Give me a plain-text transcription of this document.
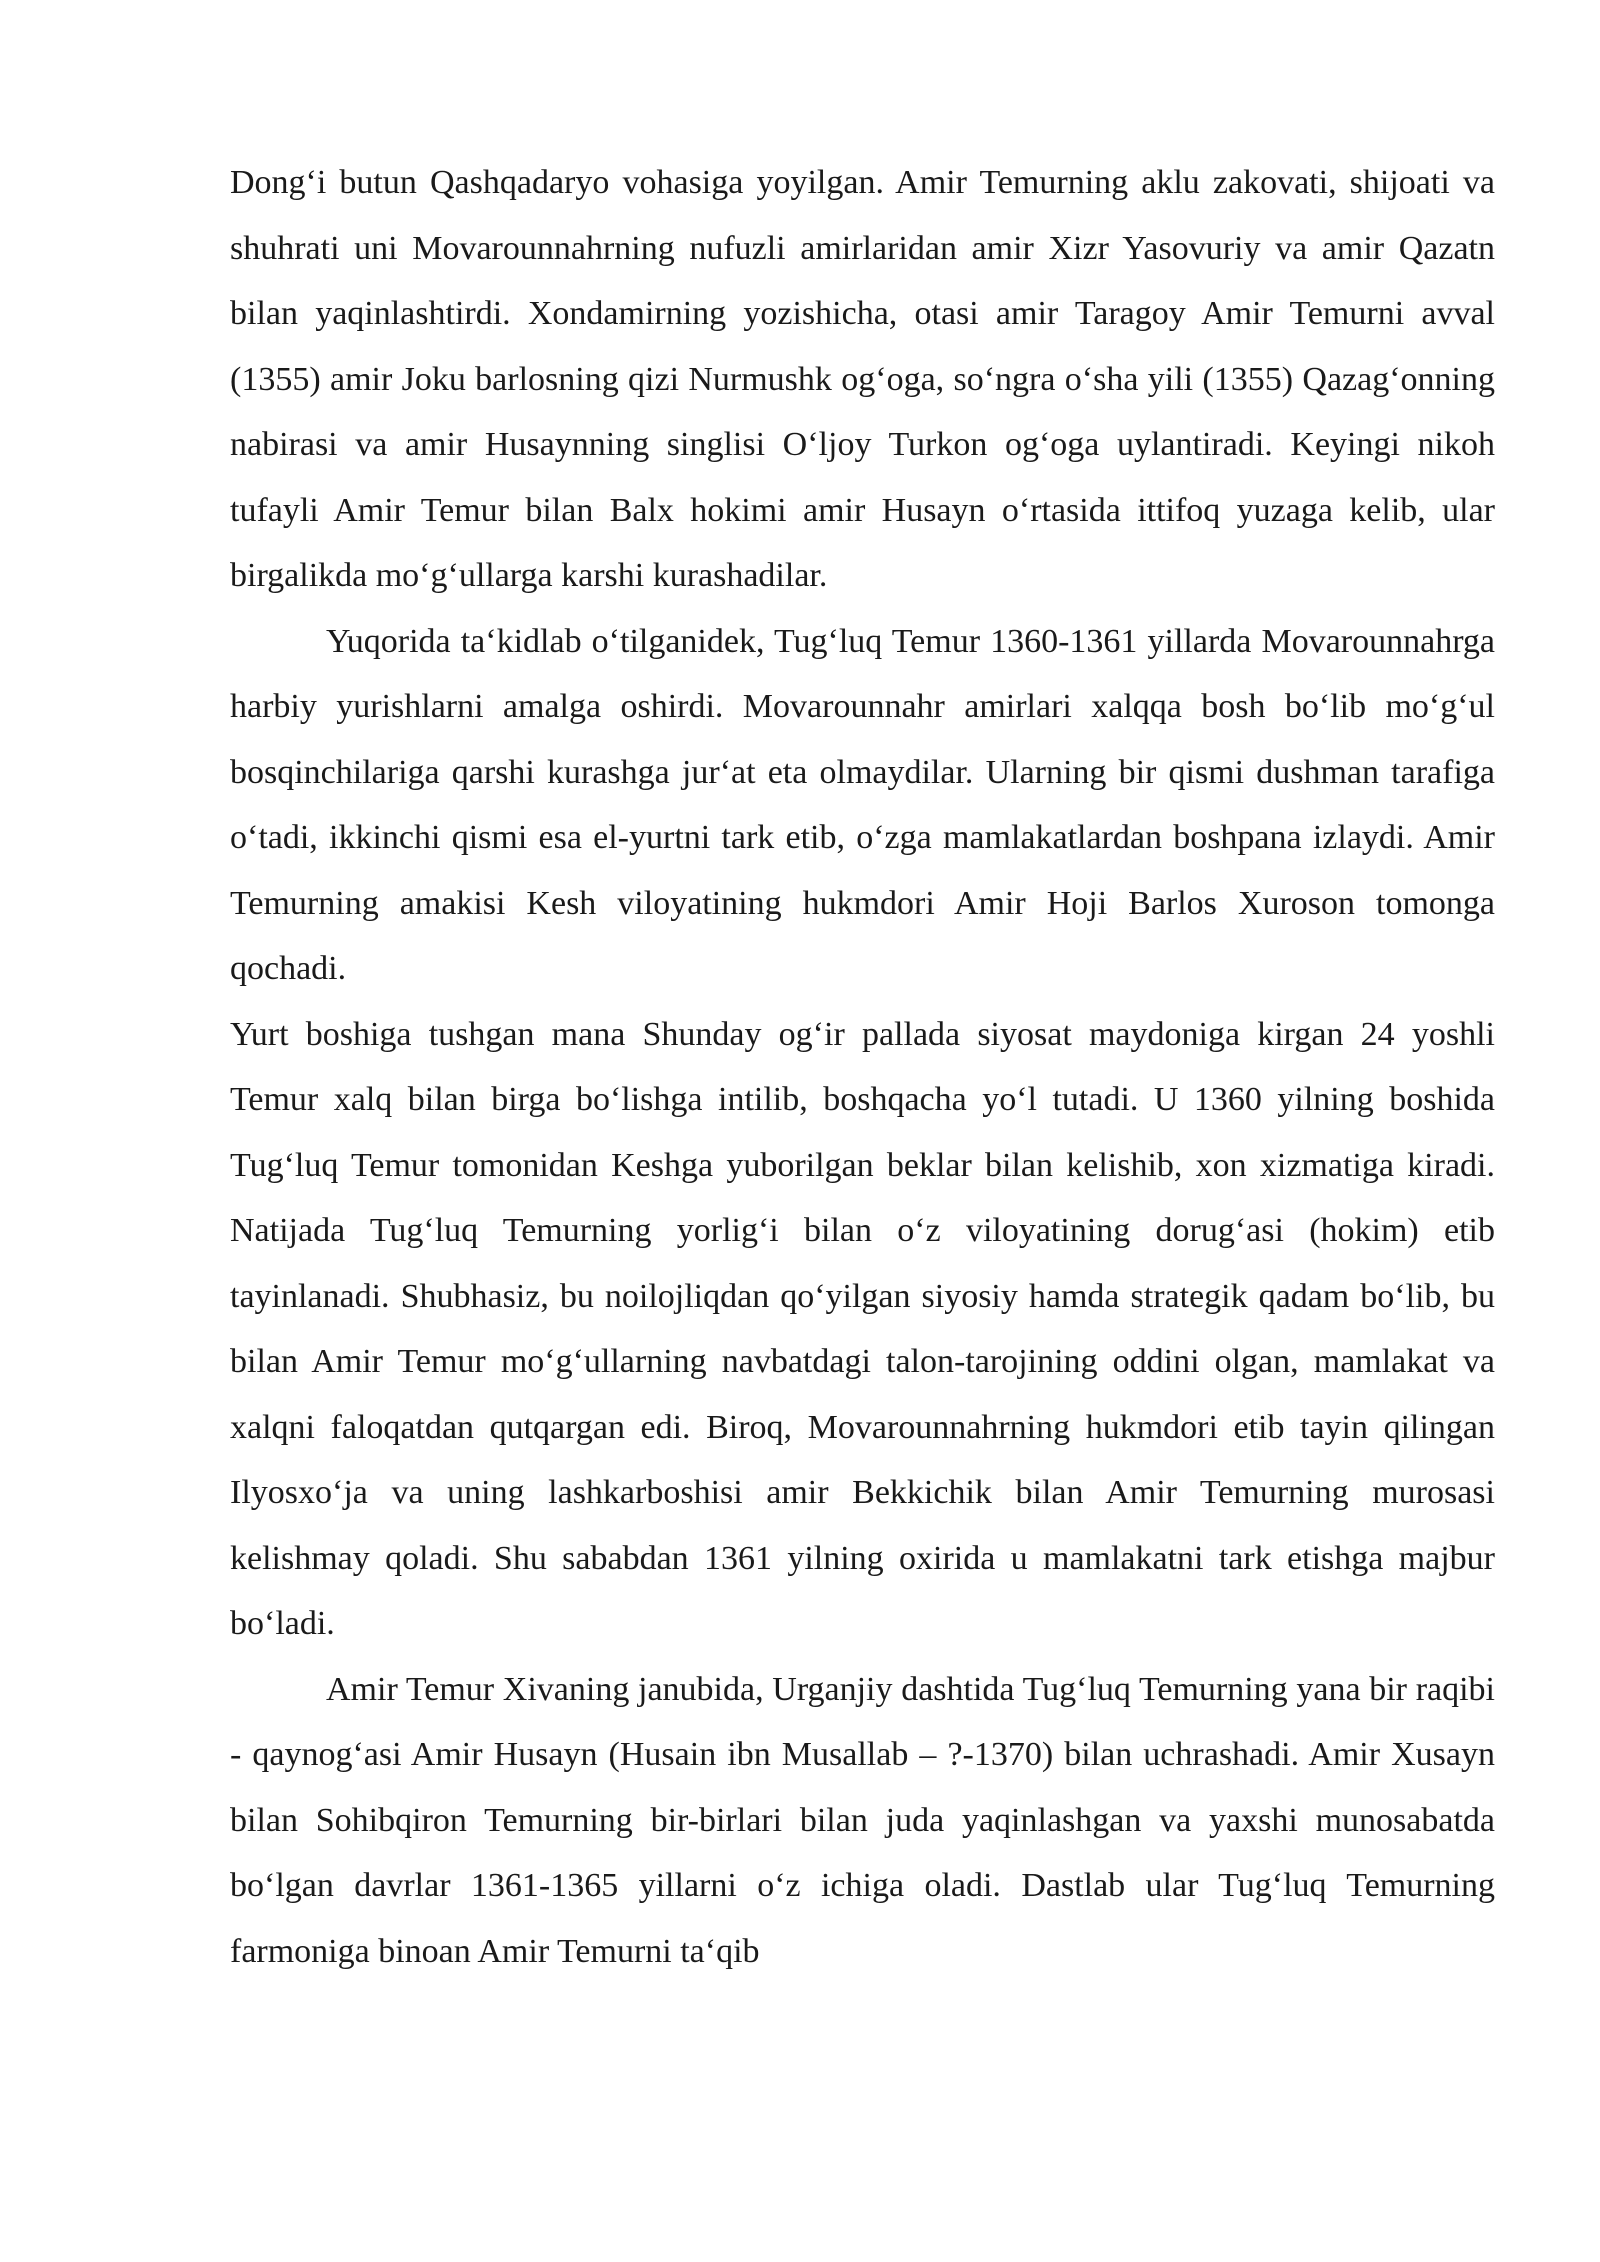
Dong‘i butun Qashqadaryo vohasiga yoyilgan. Amir Temurning aklu zakovati, shijoati va shuhrati uni Movarounnahrning nufuzli amirlaridan amir Xizr Yasovuriy va amir Qazatn bilan yaqinlashtirdi. Xondamirning yozishicha, otasi amir Taragoy Amir Temurni avval (1355) amir Joku barlosning qizi Nurmushk og‘oga, so‘ngra o‘sha yili (1355) Qazag‘onning nabirasi va amir Husaynning singlisi O‘ljoy Turkon og‘oga uylantiradi. Keyingi nikoh tufayli Amir Temur bilan Balx hokimi amir Husayn o‘rtasida ittifoq yuzaga kelib, ular birgalikda mo‘g‘ullarga karshi kurashadilar.

Yuqorida ta‘kidlab o‘tilganidek, Tug‘luq Temur 1360-1361 yillarda Movarounnahrga harbiy yurishlarni amalga oshirdi. Movarounnahr amirlari xalqqa bosh bo‘lib mo‘g‘ul bosqinchilariga qarshi kurashga jur‘at eta olmaydilar. Ularning bir qismi dushman tarafiga o‘tadi, ikkinchi qismi esa el-yurtni tark etib, o‘zga mamlakatlardan boshpana izlaydi. Amir Temurning amakisi Kesh viloyatining hukmdori Amir Hoji Barlos Xuroson tomonga qochadi.

Yurt boshiga tushgan mana Shunday og‘ir pallada siyosat maydoniga kirgan 24 yoshli Temur xalq bilan birga bo‘lishga intilib, boshqacha yo‘l tutadi. U 1360 yilning boshida Tug‘luq Temur tomonidan Keshga yuborilgan beklar bilan kelishib, xon xizmatiga kiradi. Natijada Tug‘luq Temurning yorlig‘i bilan o‘z viloyatining dorug‘asi (hokim) etib tayinlanadi. Shubhasiz, bu noilojliqdan qo‘yilgan siyosiy hamda strategik qadam bo‘lib, bu bilan Amir Temur mo‘g‘ullarning navbatdagi talon-tarojining oddini olgan, mamlakat va xalqni faloqatdan qutqargan edi. Biroq, Movarounnahrning hukmdori etib tayin qilingan Ilyosxo‘ja va uning lashkarboshisi amir Bekkichik bilan Amir Temurning murosasi kelishmay qoladi. Shu sababdan 1361 yilning oxirida u mamlakatni tark etishga majbur bo‘ladi.

Amir Temur Xivaning janubida, Urganjiy dashtida Tug‘luq Temurning yana bir raqibi - qaynog‘asi Amir Husayn (Husain ibn Musallab – ?-1370) bilan uchrashadi. Amir Xusayn bilan Sohibqiron Temurning bir-birlari bilan juda yaqinlashgan va yaxshi munosabatda bo‘lgan davrlar 1361-1365 yillarni o‘z ichiga oladi. Dastlab ular Tug‘luq Temurning farmoniga binoan Amir Temurni ta‘qib
